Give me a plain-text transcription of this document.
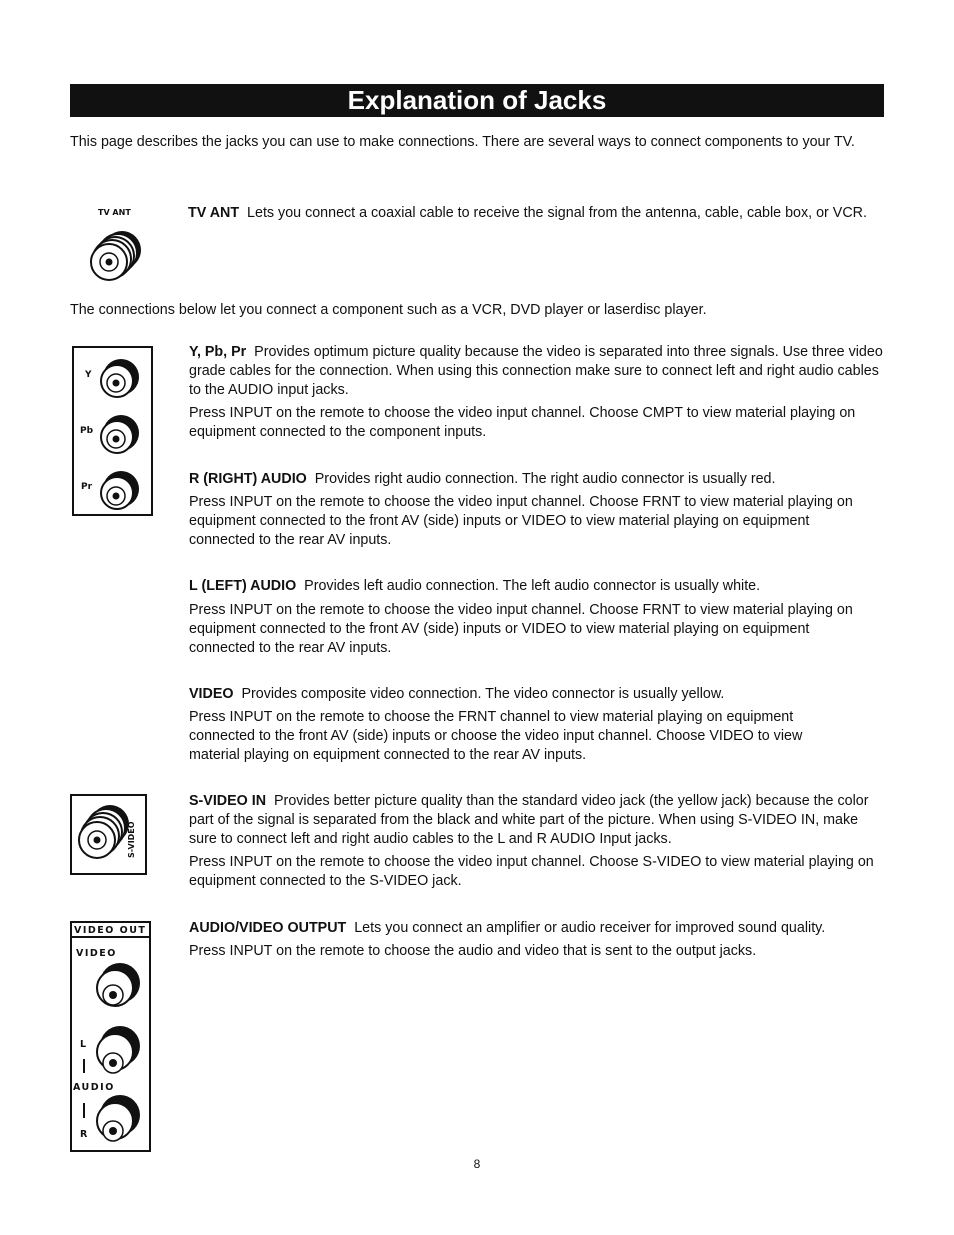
Explanation of Jacks

This page describes the jacks you can use to make connections. There are several ways to connect components to your TV.

TV ANT	TV ANT Lets you connect a coaxial cable to receive the signal from the antenna, cable, cable box, or VCR.

The connections below let you connect a component such as a VCR, DVD player or laserdisc player.

Y
Pb
Pr

Y, Pb, Pr Provides optimum picture quality because the video is separated into three signals. Use three video grade cables for the connection. When using this connection make sure to connect left and right audio cables to the AUDIO input jacks.

Press INPUT on the remote to choose the video input channel. Choose CMPT to view material playing on equipment connected to the component inputs.

R (RIGHT) AUDIO Provides right audio connection. The right audio connector is usually red.

Press INPUT on the remote to choose the video input channel. Choose FRNT to view material playing on equipment connected to the front AV (side) inputs or VIDEO to view material playing on equipment connected to the rear AV inputs.

L (LEFT) AUDIO Provides left audio connection. The left audio connector is usually white.

Press INPUT on the remote to choose the video input channel. Choose FRNT to view material playing on equipment connected to the front AV (side) inputs or VIDEO to view material playing on equipment connected to the rear AV inputs.

VIDEO Provides composite video connection. The video connector is usually yellow.

Press INPUT on the remote to choose the FRNT channel to view material playing on equipment connected to the front AV (side) inputs or choose the video input channel. Choose VIDEO to view material playing on equipment connected to the rear AV inputs.

S-VIDEO

S-VIDEO IN Provides better picture quality than the standard video jack (the yellow jack) because the color part of the signal is separated from the black and white part of the picture. When using S-VIDEO IN, make sure to connect left and right audio cables to the L and R AUDIO Input jacks.

Press INPUT on the remote to choose the video input channel. Choose S-VIDEO to view material playing on equipment connected to the S-VIDEO jack.

VIDEO OUT
VIDEO
L
AUDIO
R

AUDIO/VIDEO OUTPUT Lets you connect an amplifier or audio receiver for improved sound quality.

Press INPUT on the remote to choose the audio and video that is sent to the output jacks.

8
